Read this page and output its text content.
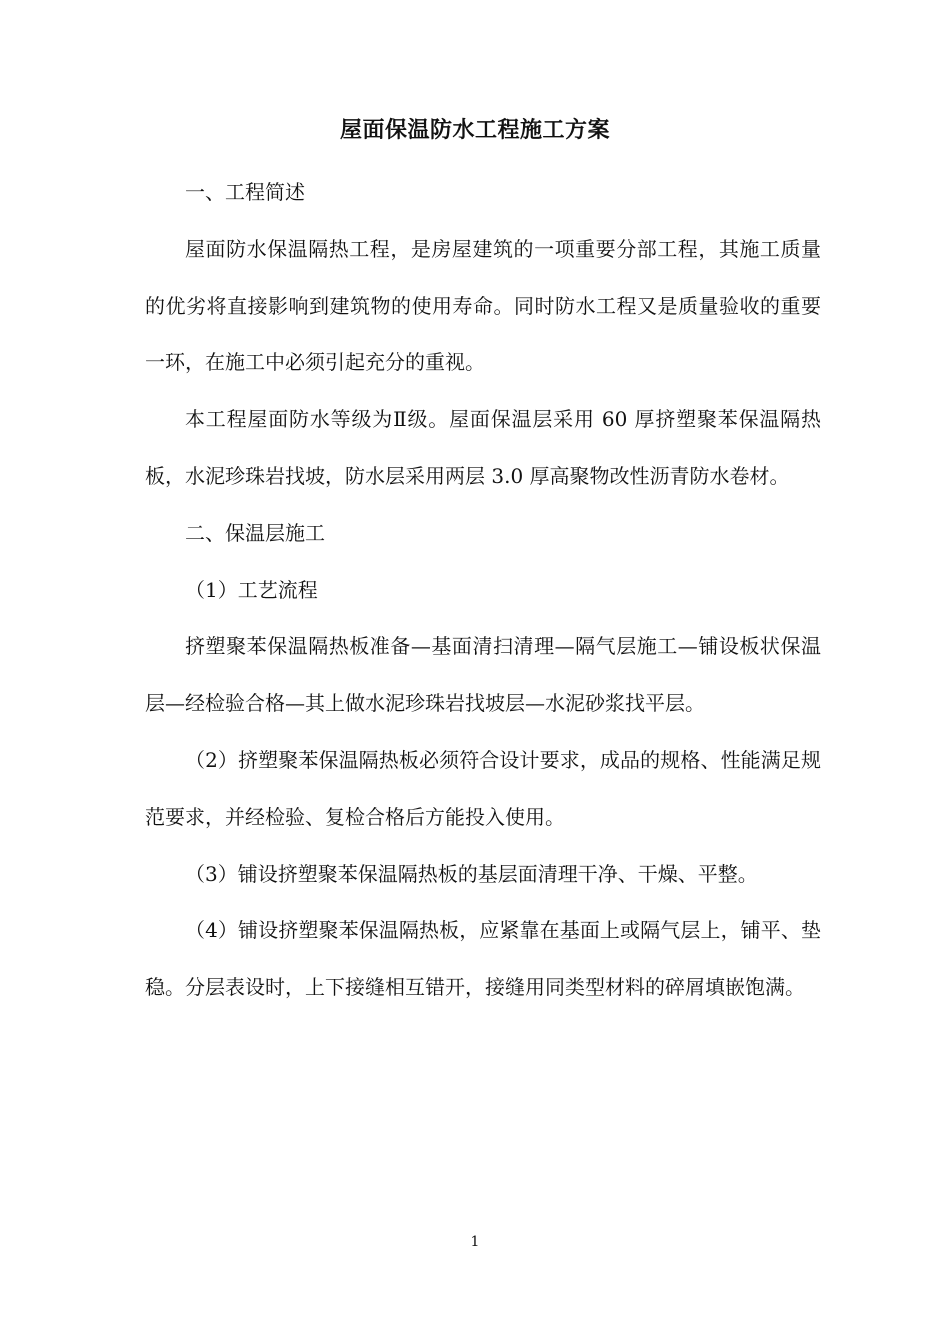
屋面保温防水工程施工方案

一、工程简述

屋面防水保温隔热工程，是房屋建筑的一项重要分部工程，其施工质量的优劣将直接影响到建筑物的使用寿命。同时防水工程又是质量验收的重要一环，在施工中必须引起充分的重视。

本工程屋面防水等级为Ⅱ级。屋面保温层采用 60 厚挤塑聚苯保温隔热板，水泥珍珠岩找坡，防水层采用两层 3.0 厚高聚物改性沥青防水卷材。

二、保温层施工

（1）工艺流程

挤塑聚苯保温隔热板准备—基面清扫清理—隔气层施工—铺设板状保温层—经检验合格—其上做水泥珍珠岩找坡层—水泥砂浆找平层。

（2）挤塑聚苯保温隔热板必须符合设计要求，成品的规格、性能满足规范要求，并经检验、复检合格后方能投入使用。

（3）铺设挤塑聚苯保温隔热板的基层面清理干净、干燥、平整。

（4）铺设挤塑聚苯保温隔热板，应紧靠在基面上或隔气层上，铺平、垫稳。分层表设时，上下接缝相互错开，接缝用同类型材料的碎屑填嵌饱满。

1
